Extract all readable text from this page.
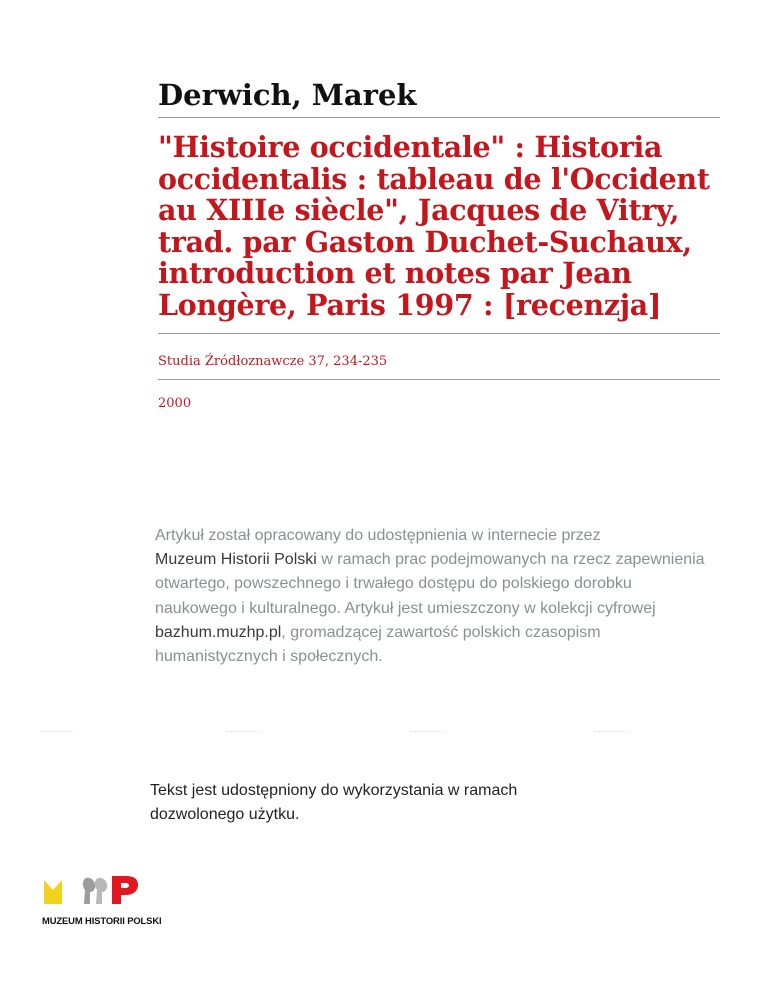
Derwich, Marek
"Histoire occidentale" : Historia occidentalis : tableau de l'Occident au XIIIe siècle", Jacques de Vitry, trad. par Gaston Duchet-Suchaux, introduction et notes par Jean Longère, Paris 1997 : [recenzja]

Studia Źródłoznawcze 37, 234-235

2000

Artykuł został opracowany do udostępnienia w internecie przez
Muzeum Historii Polski w ramach prac podejmowanych na rzecz zapewnienia otwartego, powszechnego i trwałego dostępu do polskiego dorobku naukowego i kulturalnego. Artykuł jest umieszczony w kolekcji cyfrowej bazhum.muzhp.pl, gromadzącej zawartość polskich czasopism humanistycznych i społecznych.

Tekst jest udostępniony do wykorzystania w ramach dozwolonego użytku.

MUZEUM HISTORII POLSKI
